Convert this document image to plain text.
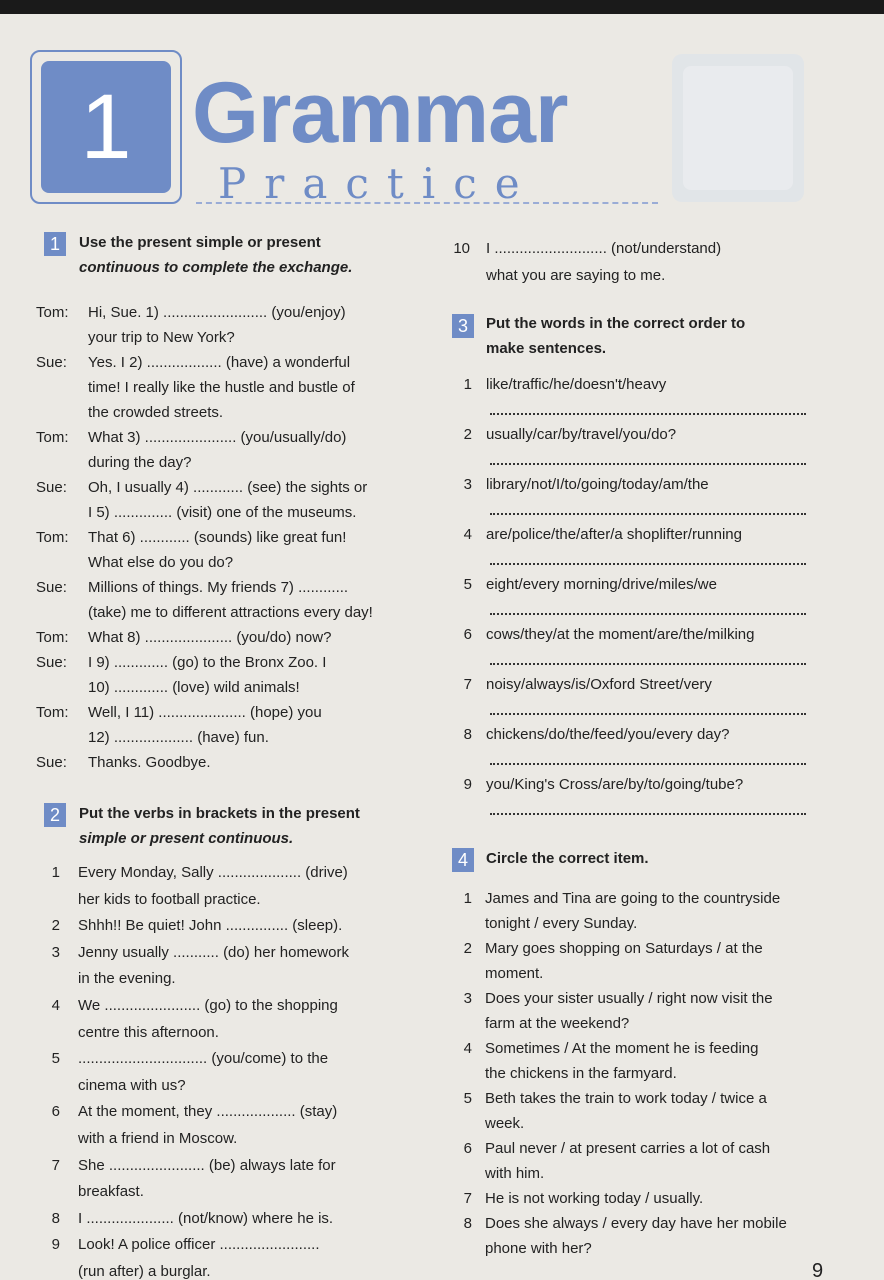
1 Grammar
Practice
1	Use the present simple or present
continuous to complete the exchange.
Tom: Hi, Sue. 1) ......................... (you/enjoy)
your trip to New York?
Sue: Yes. I 2) .................. (have) a wonderful
time! I really like the hustle and bustle of
the crowded streets.
Tom: What 3) ...................... (you/usually/do)
during the day?
Sue: Oh, I usually 4) ............ (see) the sights or
I 5) .............. (visit) one of the museums.
Tom: That 6) ............ (sounds) like great fun!
What else do you do?
Sue: Millions of things. My friends 7) ............
(take) me to different attractions every day!
Tom: What 8) ..................... (you/do) now?
Sue: I 9) ............. (go) to the Bronx Zoo. I
10) ............. (love) wild animals!
Tom: Well, I 11) ..................... (hope) you
12) ................... (have) fun.
Sue: Thanks. Goodbye.
2	Put the verbs in brackets in the present
simple or present continuous.
1 Every Monday, Sally .................... (drive)
her kids to football practice.
2 Shhh!! Be quiet! John ............... (sleep).
3 Jenny usually ........... (do) her homework
in the evening.
4 We ....................... (go) to the shopping
centre this afternoon.
5 ............................... (you/come) to the
cinema with us?
6 At the moment, they ................... (stay)
with a friend in Moscow.
7 She ....................... (be) always late for
breakfast.
8 I ..................... (not/know) where he is.
9 Look! A police officer ........................
(run after) a burglar.
10 I ........................... (not/understand)
what you are saying to me.
3	Put the words in the correct order to
make sentences.
1 like/traffic/he/doesn't/heavy
2 usually/car/by/travel/you/do?
3 library/not/I/to/going/today/am/the
4 are/police/the/after/a shoplifter/running
5 eight/every morning/drive/miles/we
6 cows/they/at the moment/are/the/milking
7 noisy/always/is/Oxford Street/very
8 chickens/do/the/feed/you/every day?
9 you/King's Cross/are/by/to/going/tube?
4	Circle the correct item.
1 James and Tina are going to the countryside
tonight / every Sunday.
2 Mary goes shopping on Saturdays / at the
moment.
3 Does your sister usually / right now visit the
farm at the weekend?
4 Sometimes / At the moment he is feeding
the chickens in the farmyard.
5 Beth takes the train to work today / twice a
week.
6 Paul never / at present carries a lot of cash
with him.
7 He is not working today / usually.
8 Does she always / every day have her mobile
phone with her?
9
